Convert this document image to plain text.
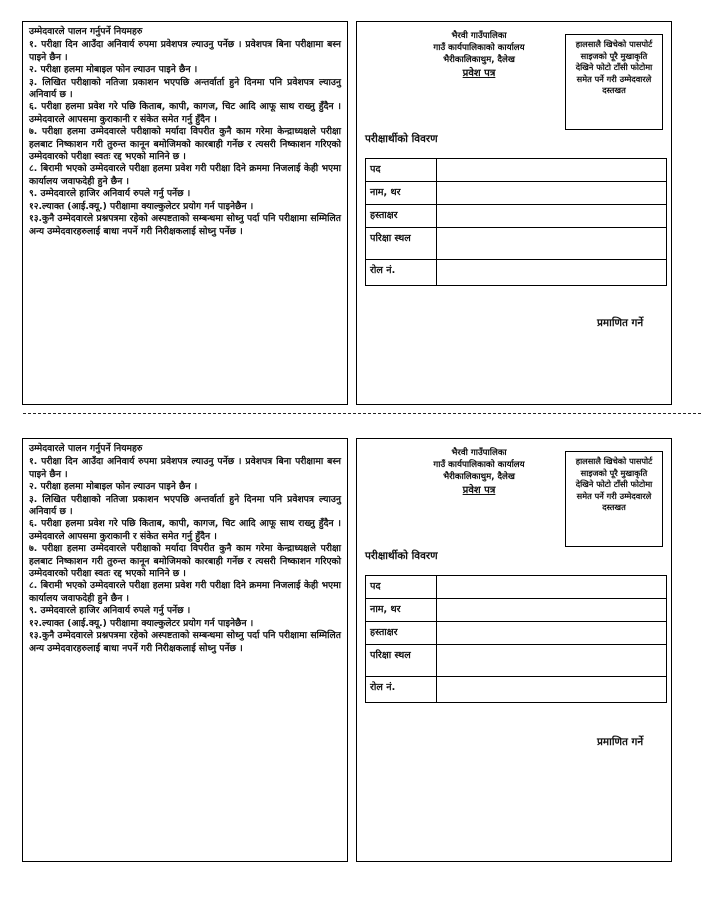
उम्मेदवारले पालन गर्नुपर्ने नियमहरु

१. परीक्षा दिन आउँदा अनिवार्य रुपमा प्रवेशपत्र ल्याउनु पर्नेछ । प्रवेशपत्र बिना परीक्षामा बस्न पाइने छैन ।

२. परीक्षा हलमा मोबाइल फोन ल्याउन पाइने छैन ।

३. लिखित परीक्षाको नतिजा प्रकाशन भएपछि अन्तर्वार्ता हुने दिनमा पनि प्रवेशपत्र ल्याउनु अनिवार्य छ ।

६. परीक्षा हलमा प्रवेश गरे पछि किताब, कापी, कागज, चिट आदि आफू साथ राख्नु हुँदैन । उम्मेदवारले आपसमा कुराकानी र संकेत समेत गर्नु हुँदैन ।

७. परीक्षा हलमा उम्मेदवारले परीक्षाको मर्यादा विपरीत कुनै काम गरेमा केन्द्राध्यक्षले परीक्षा हलबाट निष्काशन गरी तुरुन्त कानून बमोजिमको कारबाही गर्नेछ र त्यसरी निष्काशन गरिएको उम्मेदवारको परीक्षा स्वतः रद्द भएको मानिने छ ।

८. बिरामी भएको उम्मेदवारले परीक्षा हलमा प्रवेश गरी परीक्षा दिने क्रममा निजलाई केही भएमा कार्यालय जवाफदेही हुने छैन ।

९. उम्मेदवारले हाजिर अनिवार्य रुपले गर्नु पर्नेछ ।

१२.ल्याक्त (आई.क्यू.) परीक्षामा क्याल्कुलेटर प्रयोग गर्न पाइनेछैन ।

१३.कुनै उम्मेदवारले प्रश्नपत्रमा रहेको अस्पष्टताको सम्बन्धमा सोध्नु पर्दा पनि परीक्षामा सम्मिलित अन्य उम्मेदवारहरुलाई बाधा नपर्ने गरी निरीक्षकलाई सोध्नु पर्नेछ ।

भैरवी गाउँपालिका
गाउँ कार्यपालिकाको कार्यालय
भैरीकालिकाथुम, दैलेख
प्रवेश पत्र
हालसालै खिचेको पासपोर्ट साइजको पूरै मुखाकृति देखिने फोटो टाँसी फोटोमा समेत पर्ने गरी उम्मेदवारले दस्तखत
परीक्षार्थीको विवरण
पद	
नाम, थर	
हस्ताक्षर	
परिक्षा स्थल	
रोल नं.	
प्रमाणित गर्ने
उम्मेदवारले पालन गर्नुपर्ने नियमहरु

१. परीक्षा दिन आउँदा अनिवार्य रुपमा प्रवेशपत्र ल्याउनु पर्नेछ । प्रवेशपत्र बिना परीक्षामा बस्न पाइने छैन ।

२. परीक्षा हलमा मोबाइल फोन ल्याउन पाइने छैन ।

३. लिखित परीक्षाको नतिजा प्रकाशन भएपछि अन्तर्वार्ता हुने दिनमा पनि प्रवेशपत्र ल्याउनु अनिवार्य छ ।

६. परीक्षा हलमा प्रवेश गरे पछि किताब, कापी, कागज, चिट आदि आफू साथ राख्नु हुँदैन । उम्मेदवारले आपसमा कुराकानी र संकेत समेत गर्नु हुँदैन ।

७. परीक्षा हलमा उम्मेदवारले परीक्षाको मर्यादा विपरीत कुनै काम गरेमा केन्द्राध्यक्षले परीक्षा हलबाट निष्काशन गरी तुरुन्त कानून बमोजिमको कारबाही गर्नेछ र त्यसरी निष्काशन गरिएको उम्मेदवारको परीक्षा स्वतः रद्द भएको मानिने छ ।

८. बिरामी भएको उम्मेदवारले परीक्षा हलमा प्रवेश गरी परीक्षा दिने क्रममा निजलाई केही भएमा कार्यालय जवाफदेही हुने छैन ।

९. उम्मेदवारले हाजिर अनिवार्य रुपले गर्नु पर्नेछ ।

१२.ल्याक्त (आई.क्यू.) परीक्षामा क्याल्कुलेटर प्रयोग गर्न पाइनेछैन ।

१३.कुनै उम्मेदवारले प्रश्नपत्रमा रहेको अस्पष्टताको सम्बन्धमा सोध्नु पर्दा पनि परीक्षामा सम्मिलित अन्य उम्मेदवारहरुलाई बाधा नपर्ने गरी निरीक्षकलाई सोध्नु पर्नेछ ।

भैरवी गाउँपालिका
गाउँ कार्यपालिकाको कार्यालय
भैरीकालिकाथुम, दैलेख
प्रवेश पत्र
हालसालै खिचेको पासपोर्ट साइजको पूरै मुखाकृति देखिने फोटो टाँसी फोटोमा समेत पर्ने गरी उम्मेदवारले दस्तखत
परीक्षार्थीको विवरण
पद	
नाम, थर	
हस्ताक्षर	
परिक्षा स्थल	
रोल नं.	
प्रमाणित गर्ने
